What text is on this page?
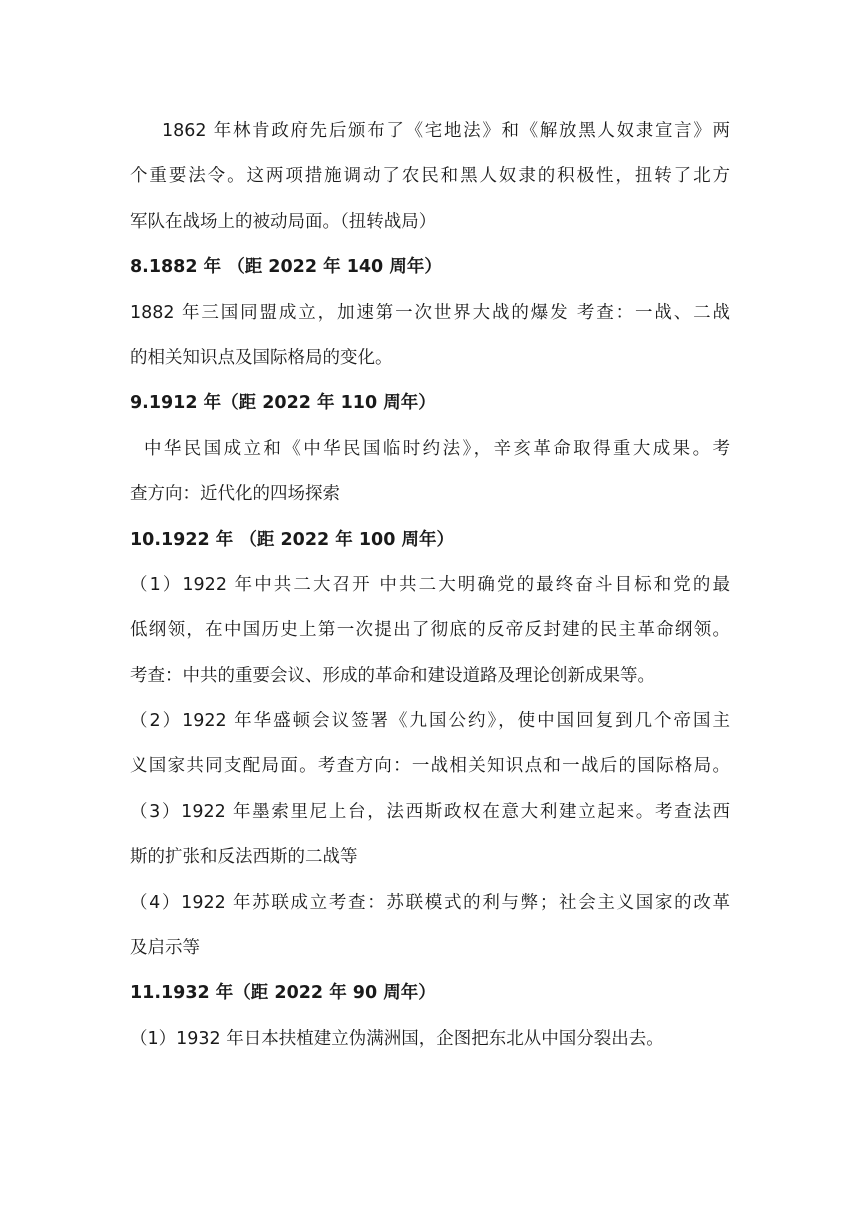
1862 年林肯政府先后颁布了《宅地法》和《解放黑人奴隶宣言》两
个重要法令。这两项措施调动了农民和黑人奴隶的积极性，扭转了北方
军队在战场上的被动局面。（扭转战局）
8.1882 年 （距 2022 年 140 周年）
1882 年三国同盟成立，加速第一次世界大战的爆发 考查：一战、二战
的相关知识点及国际格局的变化。
9.1912 年（距 2022 年 110 周年）
中华民国成立和《中华民国临时约法》，辛亥革命取得重大成果。考
查方向：近代化的四场探索
10.1922 年 （距 2022 年 100 周年）
（1）1922 年中共二大召开 中共二大明确党的最终奋斗目标和党的最
低纲领，在中国历史上第一次提出了彻底的反帝反封建的民主革命纲领。
考查：中共的重要会议、形成的革命和建设道路及理论创新成果等。
（2）1922 年华盛顿会议签署《九国公约》，使中国回复到几个帝国主
义国家共同支配局面。考查方向：一战相关知识点和一战后的国际格局。
（3）1922 年墨索里尼上台，法西斯政权在意大利建立起来。考查法西
斯的扩张和反法西斯的二战等
（4）1922 年苏联成立考查：苏联模式的利与弊；社会主义国家的改革
及启示等
11.1932 年（距 2022 年 90 周年）
（1）1932 年日本扶植建立伪满洲国，企图把东北从中国分裂出去。
